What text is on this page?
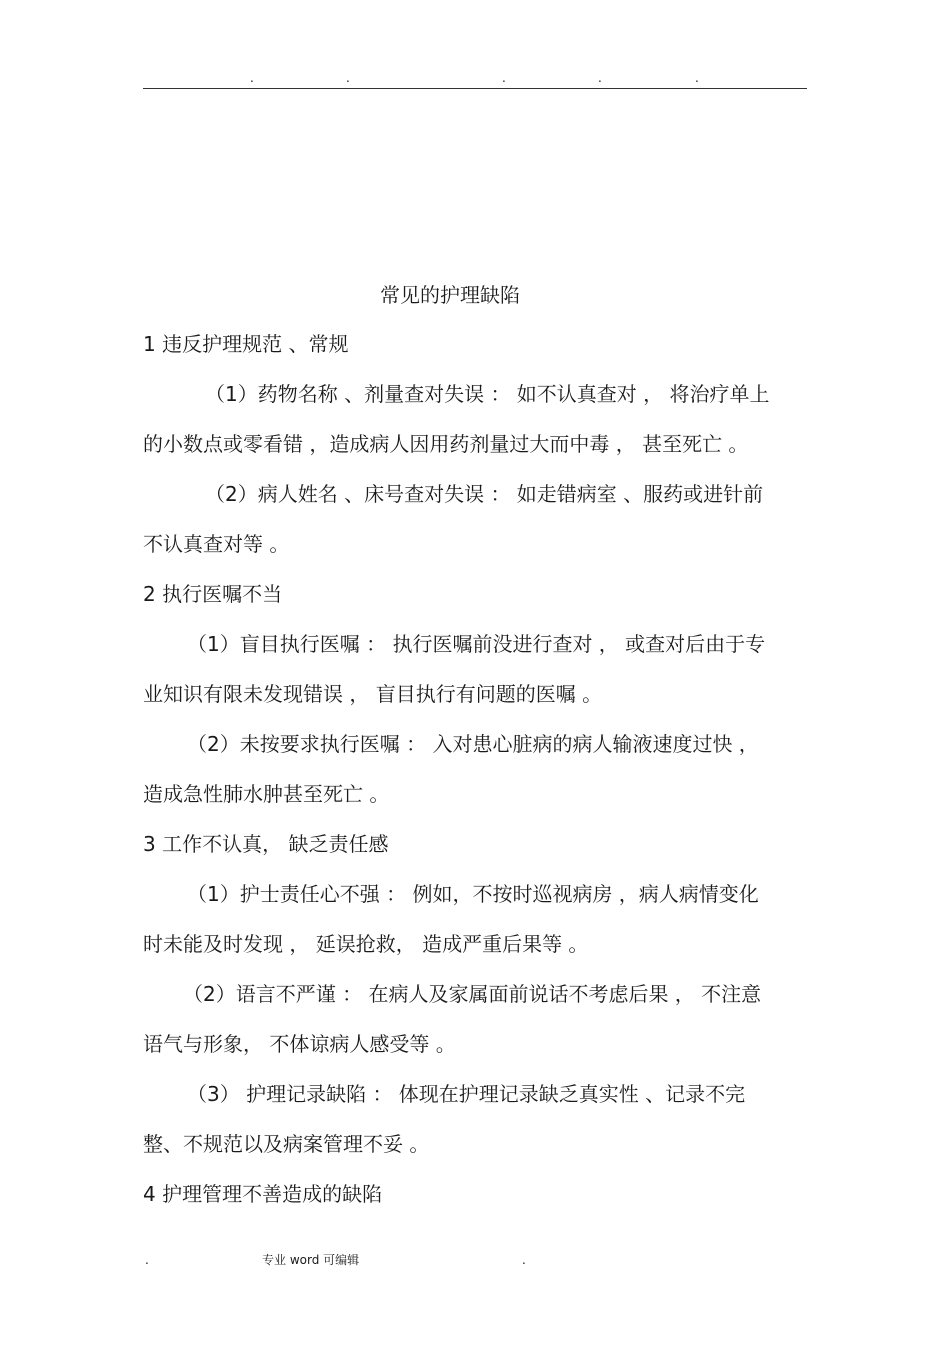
.	.	.	.	.
常见的护理缺陷

1 违反护理规范 、常规

（1）药物名称 、剂量查对失误 ： 如不认真查对 ， 将治疗单上
的小数点或零看错 ，造成病人因用药剂量过大而中毒 ， 甚至死亡 。

（2）病人姓名 、床号查对失误 ： 如走错病室 、服药或进针前
不认真查对等 。

2 执行医嘱不当

（1）盲目执行医嘱 ： 执行医嘱前没进行查对 ， 或查对后由于专
业知识有限未发现错误 ， 盲目执行有问题的医嘱 。

（2）未按要求执行医嘱 ： 入对患心脏病的病人输液速度过快 ，
造成急性肺水肿甚至死亡 。

3 工作不认真， 缺乏责任感

（1）护士责任心不强 ： 例如，不按时巡视病房 ，病人病情变化
时未能及时发现 ， 延误抢救， 造成严重后果等 。

（2）语言不严谨 ： 在病人及家属面前说话不考虑后果 ， 不注意
语气与形象， 不体谅病人感受等 。

（3） 护理记录缺陷 ： 体现在护理记录缺乏真实性 、记录不完
整、不规范以及病案管理不妥 。

4 护理管理不善造成的缺陷

.	专业 word 可编辑	.
